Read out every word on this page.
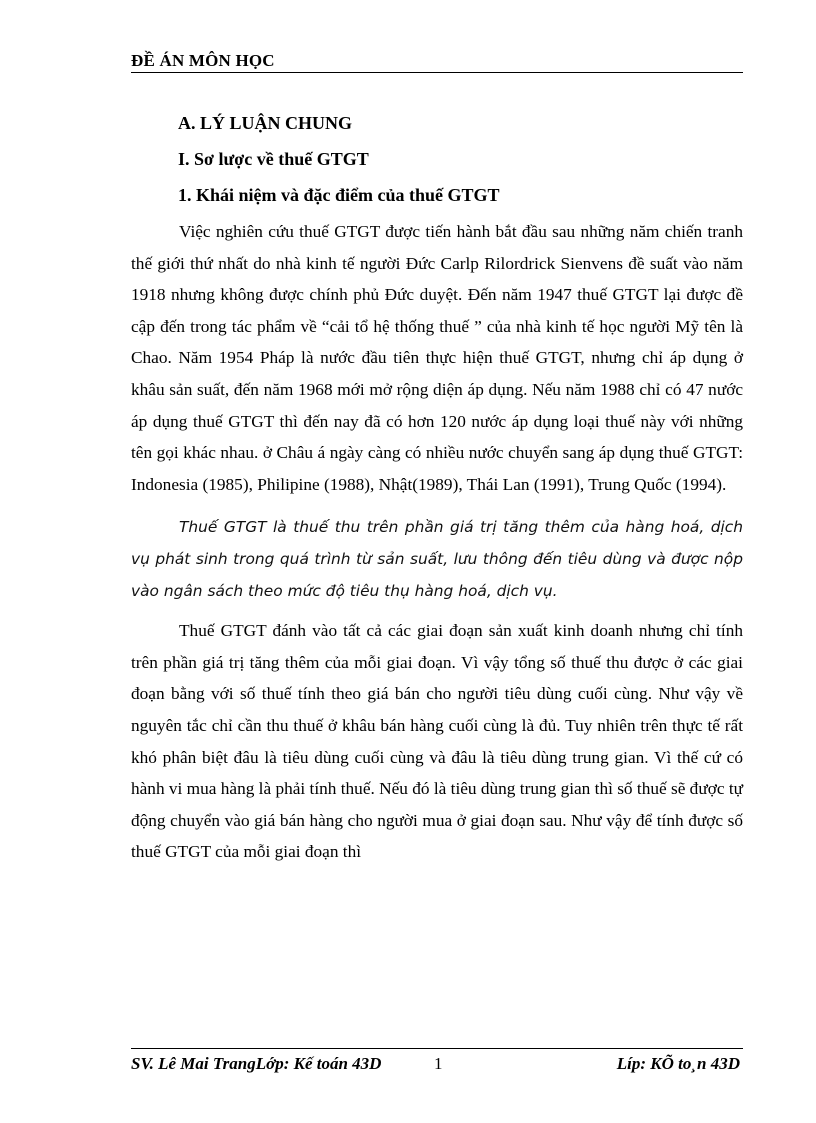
ĐỀ ÁN MÔN HỌC
A. LÝ LUẬN CHUNG
I. Sơ lược về thuế GTGT
1. Khái niệm và đặc điểm của thuế GTGT

Việc nghiên cứu thuế GTGT được tiến hành bắt đầu sau những năm chiến tranh thế giới thứ nhất do nhà kinh tế người Đức Carlp Rilordrick Sienvens đề suất vào năm 1918 nhưng không được chính phủ Đức duyệt. Đến năm 1947 thuế GTGT lại được đề cập đến trong tác phẩm về “cải tổ hệ thống thuế ” của nhà kinh tế học người Mỹ tên là Chao. Năm 1954 Pháp là nước đầu tiên thực hiện thuế GTGT, nhưng chỉ áp dụng ở khâu sản suất, đến năm 1968 mới mở rộng diện áp dụng. Nếu năm 1988 chỉ có 47 nước áp dụng thuế GTGT thì đến nay đã có hơn 120 nước áp dụng loại thuế này với những tên gọi khác nhau. ở Châu á ngày càng có nhiều nước chuyển sang áp dụng thuế GTGT: Indonesia (1985), Philipine (1988), Nhật(1989), Thái Lan (1991), Trung Quốc (1994).

Thuế GTGT là thuế thu trên phần giá trị tăng thêm của hàng hoá, dịch vụ phát sinh trong quá trình từ sản suất, lưu thông đến tiêu dùng và được nộp vào ngân sách theo mức độ tiêu thụ hàng hoá, dịch vụ.

Thuế GTGT đánh vào tất cả các giai đoạn sản xuất kinh doanh nhưng chỉ tính trên phần giá trị tăng thêm của mỗi giai đoạn. Vì vậy tổng số thuế thu được ở các giai đoạn bằng với số thuế tính theo giá bán cho người tiêu dùng cuối cùng. Như vậy về nguyên tắc chỉ cần thu thuế ở khâu bán hàng cuối cùng là đủ. Tuy nhiên trên thực tế rất khó phân biệt đâu là tiêu dùng cuối cùng và đâu là tiêu dùng trung gian. Vì thế cứ có hành vi mua hàng là phải tính thuế. Nếu đó là tiêu dùng trung gian thì số thuế sẽ được tự động chuyển vào giá bán hàng cho người mua ở giai đoạn sau. Như vậy để tính được số thuế GTGT của mỗi giai đoạn thì

SV. Lê Mai TrangLớp: Kế toán 43D	1	Líp: KÕ to¸n 43D
